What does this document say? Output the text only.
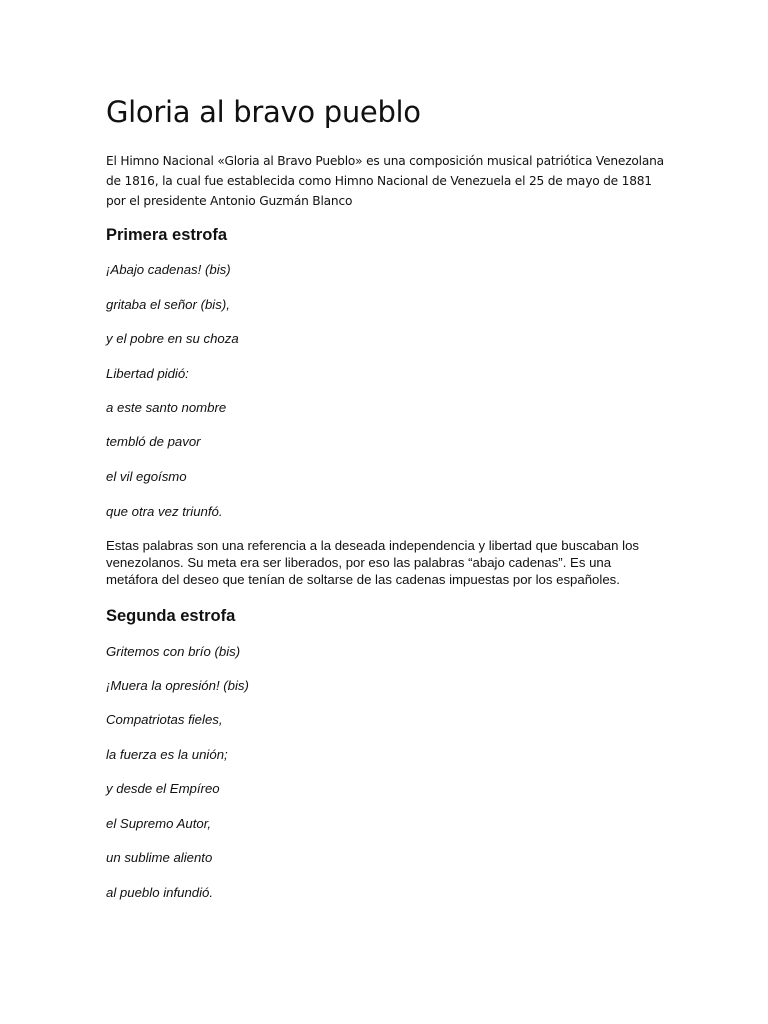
Gloria al bravo pueblo

El Himno Nacional «Gloria al Bravo Pueblo» es una composición musical patriótica Venezolana de 1816, la cual fue establecida como Himno Nacional de Venezuela el 25 de mayo de 1881 por el presidente Antonio Guzmán Blanco

Primera estrofa

¡Abajo cadenas! (bis)

gritaba el señor (bis),

y el pobre en su choza

Libertad pidió:

a este santo nombre

tembló de pavor

el vil egoísmo

que otra vez triunfó.

Estas palabras son una referencia a la deseada independencia y libertad que buscaban los venezolanos. Su meta era ser liberados, por eso las palabras “abajo cadenas”. Es una metáfora del deseo que tenían de soltarse de las cadenas impuestas por los españoles.

Segunda estrofa

Gritemos con brío (bis)

¡Muera la opresión! (bis)

Compatriotas fieles,

la fuerza es la unión;

y desde el Empíreo

el Supremo Autor,

un sublime aliento

al pueblo infundió.
